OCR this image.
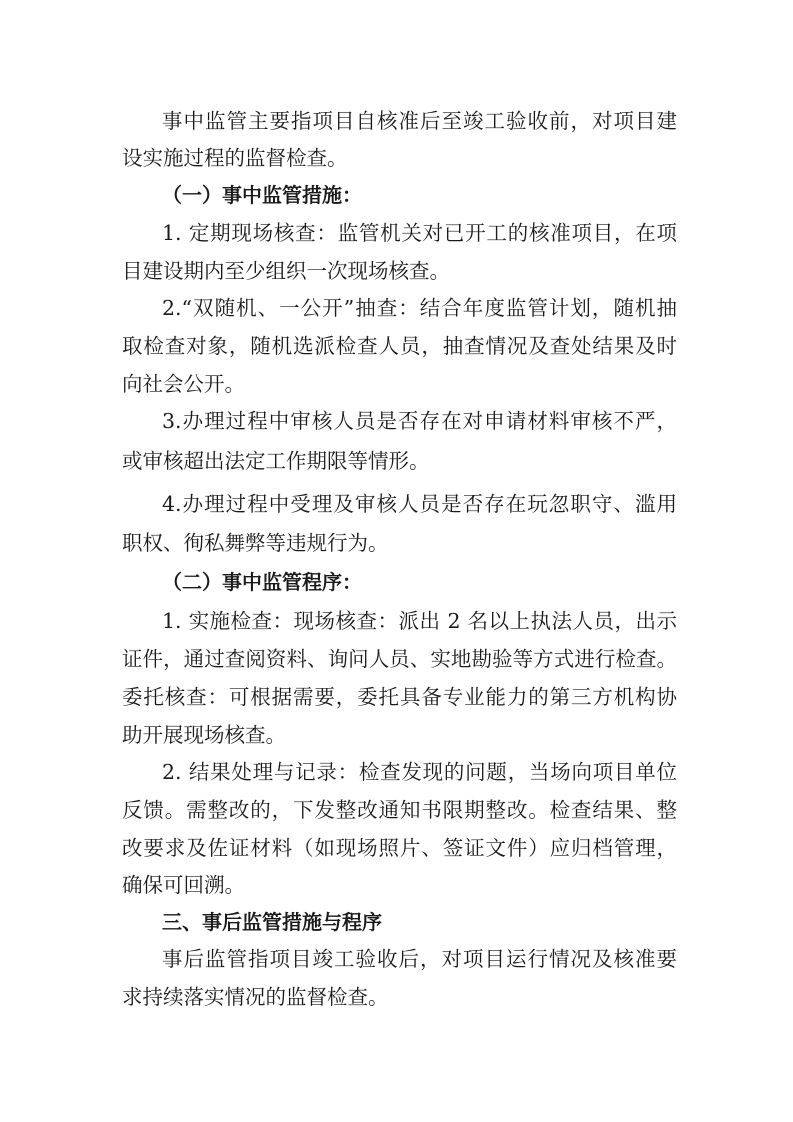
事中监管主要指项目自核准后至竣工验收前，对项目建

设实施过程的监督检查。

（一）事中监管措施：

1. 定期现场核查：监管机关对已开工的核准项目，在项

目建设期内至少组织一次现场核查。

2.“双随机、一公开”抽查：结合年度监管计划，随机抽

取检查对象，随机选派检查人员，抽查情况及查处结果及时

向社会公开。

3.办理过程中审核人员是否存在对申请材料审核不严，

或审核超出法定工作期限等情形。

4.办理过程中受理及审核人员是否存在玩忽职守、滥用

职权、徇私舞弊等违规行为。

（二）事中监管程序：

1. 实施检查：现场核查：派出 2 名以上执法人员，出示

证件，通过查阅资料、询问人员、实地勘验等方式进行检查。

委托核查：可根据需要，委托具备专业能力的第三方机构协

助开展现场核查。

2. 结果处理与记录：检查发现的问题，当场向项目单位

反馈。需整改的，下发整改通知书限期整改。检查结果、整

改要求及佐证材料（如现场照片、签证文件）应归档管理，

确保可回溯。

三、事后监管措施与程序

事后监管指项目竣工验收后，对项目运行情况及核准要

求持续落实情况的监督检查。
